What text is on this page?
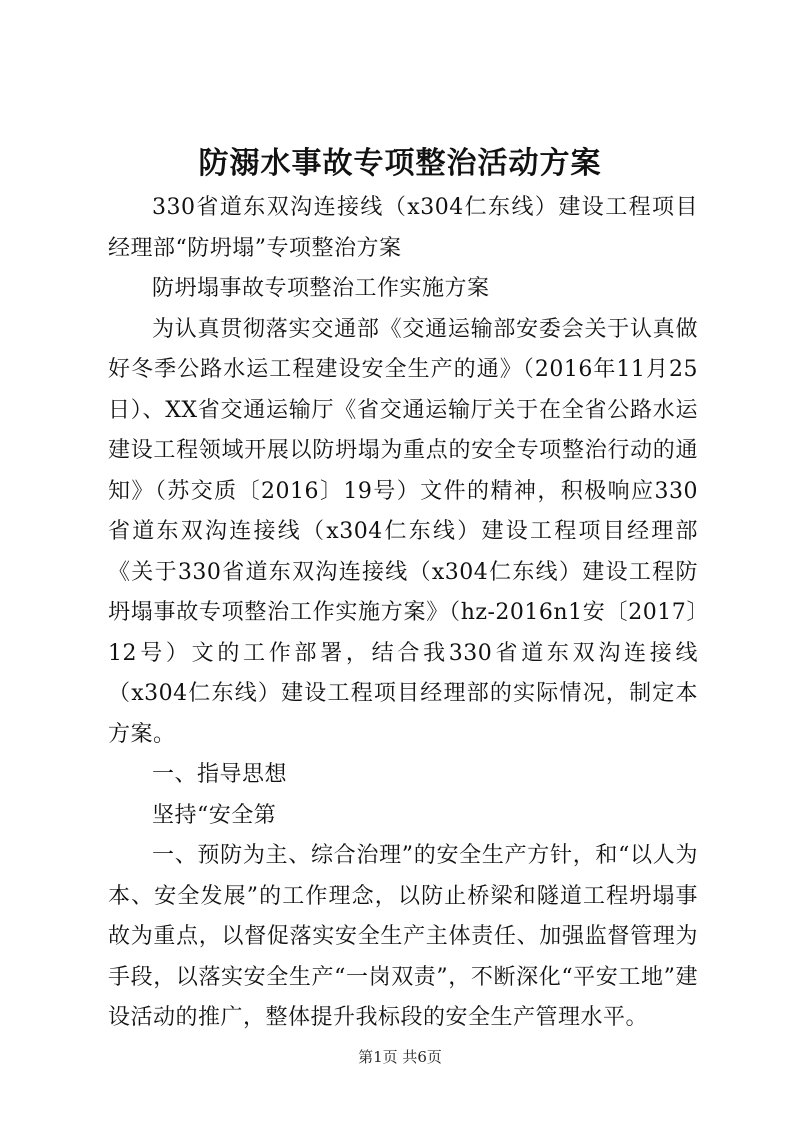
防溺水事故专项整治活动方案

330省道东双沟连接线（x304仁东线）建设工程项目经理部“防坍塌”专项整治方案

防坍塌事故专项整治工作实施方案

为认真贯彻落实交通部《交通运输部安委会关于认真做好冬季公路水运工程建设安全生产的通》（2016年11月25日）、XX省交通运输厅《省交通运输厅关于在全省公路水运建设工程领域开展以防坍塌为重点的安全专项整治行动的通知》（苏交质〔2016〕19号）文件的精神，积极响应330省道东双沟连接线（x304仁东线）建设工程项目经理部《关于330省道东双沟连接线（x304仁东线）建设工程防坍塌事故专项整治工作实施方案》（hz-2016n1安〔2017〕12号）文的工作部署，结合我330省道东双沟连接线（x304仁东线）建设工程项目经理部的实际情况，制定本方案。

一、指导思想

坚持“安全第

一、预防为主、综合治理”的安全生产方针，和“以人为本、安全发展”的工作理念，以防止桥梁和隧道工程坍塌事故为重点，以督促落实安全生产主体责任、加强监督管理为手段，以落实安全生产“一岗双责”，不断深化“平安工地”建设活动的推广，整体提升我标段的安全生产管理水平。

第1页 共6页
